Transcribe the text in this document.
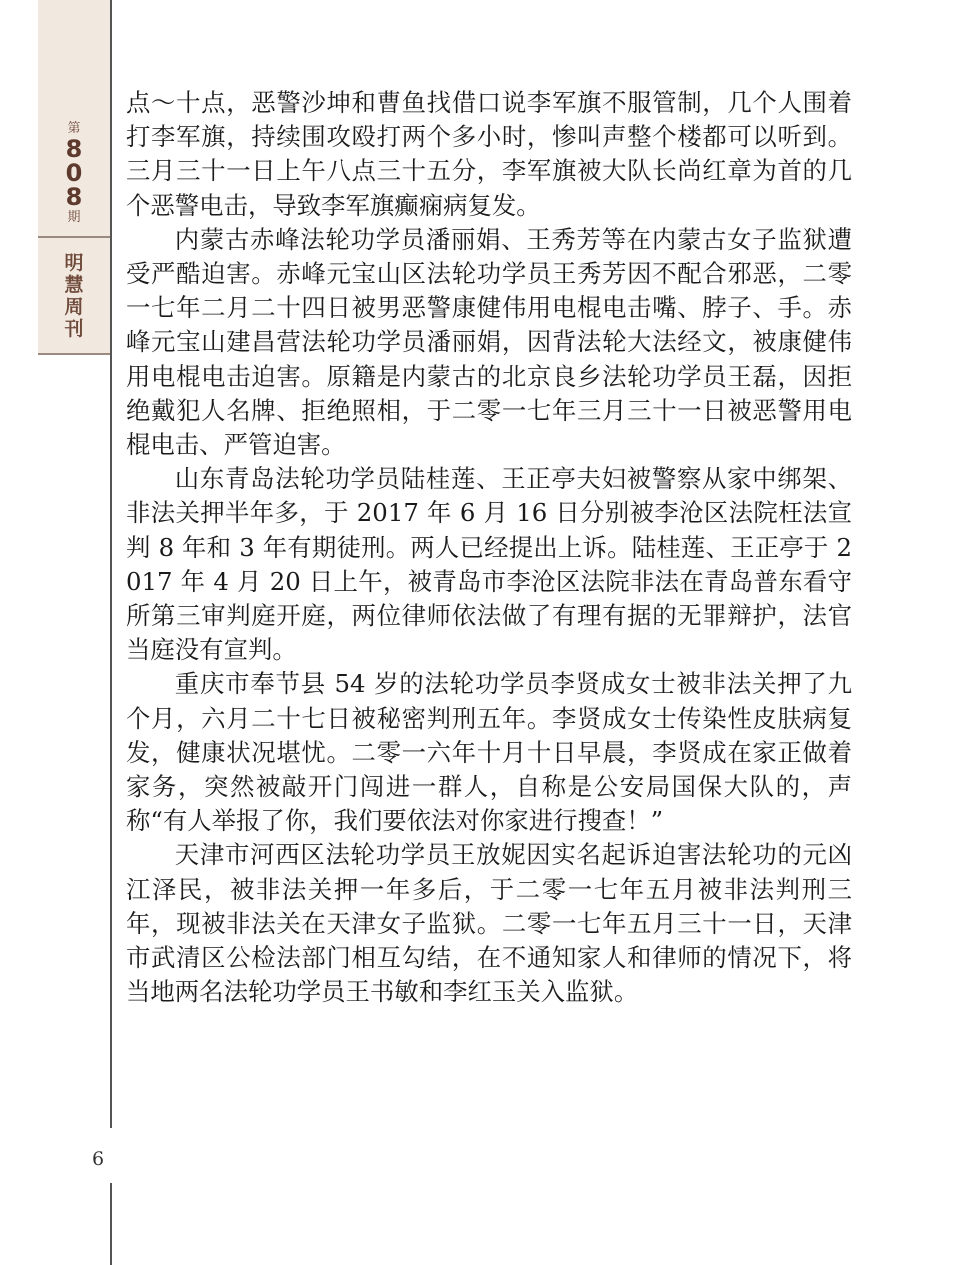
第
8
0
8
期
明
慧
周
刊
6

点～十点，恶警沙坤和曹鱼找借口说李军旗不服管制，几个人围着打李军旗，持续围攻殴打两个多小时，惨叫声整个楼都可以听到。三月三十一日上午八点三十五分，李军旗被大队长尚红章为首的几个恶警电击，导致李军旗癫痫病复发。

内蒙古赤峰法轮功学员潘丽娟、王秀芳等在内蒙古女子监狱遭受严酷迫害。赤峰元宝山区法轮功学员王秀芳因不配合邪恶，二零一七年二月二十四日被男恶警康健伟用电棍电击嘴、脖子、手。赤峰元宝山建昌营法轮功学员潘丽娟，因背法轮大法经文，被康健伟用电棍电击迫害。原籍是内蒙古的北京良乡法轮功学员王磊，因拒绝戴犯人名牌、拒绝照相，于二零一七年三月三十一日被恶警用电棍电击、严管迫害。

山东青岛法轮功学员陆桂莲、王正亭夫妇被警察从家中绑架、非法关押半年多，于 2017 年 6 月 16 日分别被李沧区法院枉法宣判 8 年和 3 年有期徒刑。两人已经提出上诉。陆桂莲、王正亭于 2017 年 4 月 20 日上午，被青岛市李沧区法院非法在青岛普东看守所第三审判庭开庭，两位律师依法做了有理有据的无罪辩护，法官当庭没有宣判。

重庆市奉节县 54 岁的法轮功学员李贤成女士被非法关押了九个月，六月二十七日被秘密判刑五年。李贤成女士传染性皮肤病复发，健康状况堪忧。二零一六年十月十日早晨，李贤成在家正做着家务，突然被敲开门闯进一群人，自称是公安局国保大队的，声称“有人举报了你，我们要依法对你家进行搜查！”

天津市河西区法轮功学员王放妮因实名起诉迫害法轮功的元凶江泽民，被非法关押一年多后，于二零一七年五月被非法判刑三年，现被非法关在天津女子监狱。二零一七年五月三十一日，天津市武清区公检法部门相互勾结，在不通知家人和律师的情况下，将当地两名法轮功学员王书敏和李红玉关入监狱。
